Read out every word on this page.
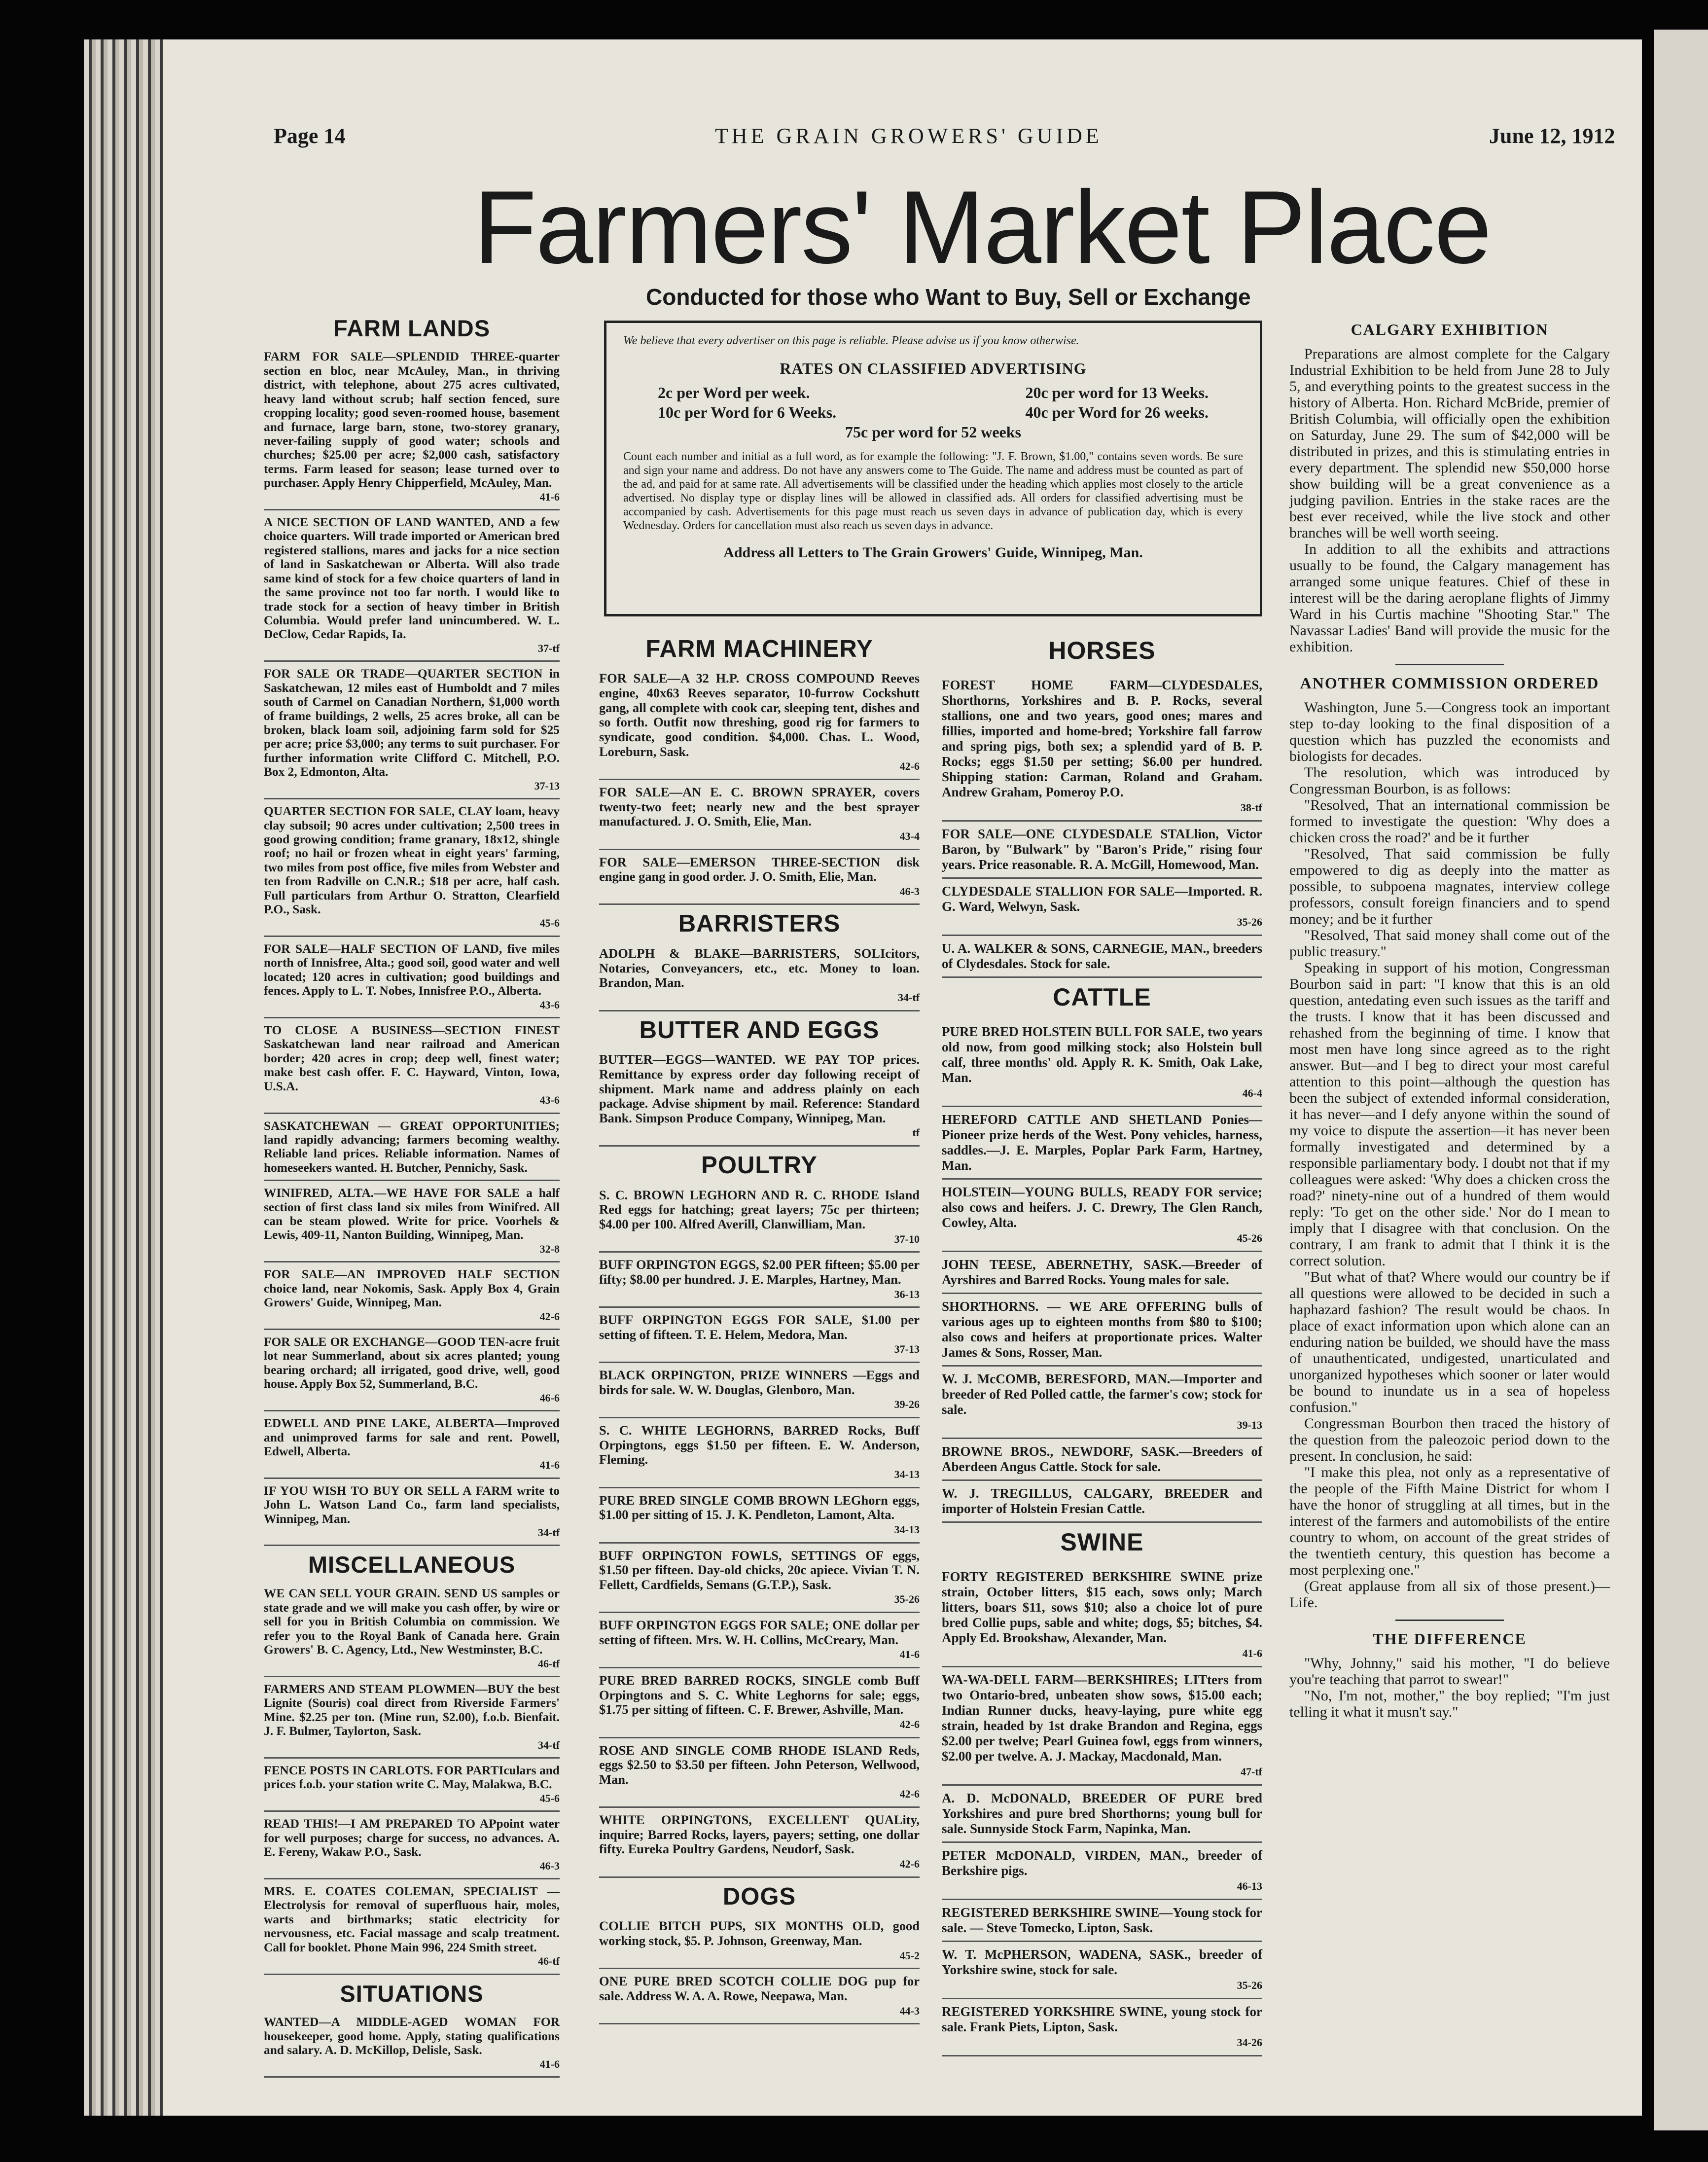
Page 14	THE GRAIN GROWERS' GUIDE	June 12, 1912
Farmers' Market Place
Conducted for those who Want to Buy, Sell or Exchange
We believe that every advertiser on this page is reliable. Please advise us if you know otherwise.
RATES ON CLASSIFIED ADVERTISING
2c per Word per week.	20c per word for 13 Weeks.
10c per Word for 6 Weeks.	40c per Word for 26 weeks.
75c per word for 52 weeks
Count each number and initial as a full word, as for example the following: "J. F. Brown, $1.00," contains seven words. Be sure and sign your name and address. Do not have any answers come to The Guide. The name and address must be counted as part of the ad, and paid for at same rate. All advertisements will be classified under the heading which applies most closely to the article advertised. No display type or display lines will be allowed in classified ads. All orders for classified advertising must be accompanied by cash. Advertisements for this page must reach us seven days in advance of publication day, which is every Wednesday. Orders for cancellation must also reach us seven days in advance.
Address all Letters to The Grain Growers' Guide, Winnipeg, Man.
FARM LANDS
FARM FOR SALE—SPLENDID THREE-quarter section en bloc, near McAuley, Man., in thriving district, with telephone, about 275 acres cultivated, heavy land without scrub; half section fenced, sure cropping locality; good seven-roomed house, basement and furnace, large barn, stone, two-storey granary, never-failing supply of good water; schools and churches; $25.00 per acre; $2,000 cash, satisfactory terms. Farm leased for season; lease turned over to purchaser. Apply Henry Chipperfield, McAuley, Man.
41-6
A NICE SECTION OF LAND WANTED, AND a few choice quarters. Will trade imported or American bred registered stallions, mares and jacks for a nice section of land in Saskatchewan or Alberta. Will also trade same kind of stock for a few choice quarters of land in the same province not too far north. I would like to trade stock for a section of heavy timber in British Columbia. Would prefer land unincumbered. W. L. DeClow, Cedar Rapids, Ia.
37-tf
FOR SALE OR TRADE—QUARTER SECTION in Saskatchewan, 12 miles east of Humboldt and 7 miles south of Carmel on Canadian Northern, $1,000 worth of frame buildings, 2 wells, 25 acres broke, all can be broken, black loam soil, adjoining farm sold for $25 per acre; price $3,000; any terms to suit purchaser. For further information write Clifford C. Mitchell, P.O. Box 2, Edmonton, Alta.
37-13
QUARTER SECTION FOR SALE, CLAY loam, heavy clay subsoil; 90 acres under cultivation; 2,500 trees in good growing condition; frame granary, 18x12, shingle roof; no hail or frozen wheat in eight years' farming, two miles from post office, five miles from Webster and ten from Radville on C.N.R.; $18 per acre, half cash. Full particulars from Arthur O. Stratton, Clearfield P.O., Sask.
45-6
FOR SALE—HALF SECTION OF LAND, five miles north of Innisfree, Alta.; good soil, good water and well located; 120 acres in cultivation; good buildings and fences. Apply to L. T. Nobes, Innisfree P.O., Alberta.
43-6
TO CLOSE A BUSINESS—SECTION FINEST Saskatchewan land near railroad and American border; 420 acres in crop; deep well, finest water; make best cash offer. F. C. Hayward, Vinton, Iowa, U.S.A.
43-6
SASKATCHEWAN — GREAT OPPORTUNITIES; land rapidly advancing; farmers becoming wealthy. Reliable land prices. Reliable information. Names of homeseekers wanted. H. Butcher, Pennichy, Sask.
WINIFRED, ALTA.—WE HAVE FOR SALE a half section of first class land six miles from Winifred. All can be steam plowed. Write for price. Voorhels & Lewis, 409-11, Nanton Building, Winnipeg, Man.
32-8
FOR SALE—AN IMPROVED HALF SECTION choice land, near Nokomis, Sask. Apply Box 4, Grain Growers' Guide, Winnipeg, Man.
42-6
FOR SALE OR EXCHANGE—GOOD TEN-acre fruit lot near Summerland, about six acres planted; young bearing orchard; all irrigated, good drive, well, good house. Apply Box 52, Summerland, B.C.
46-6
EDWELL AND PINE LAKE, ALBERTA—Improved and unimproved farms for sale and rent. Powell, Edwell, Alberta.
41-6
IF YOU WISH TO BUY OR SELL A FARM write to John L. Watson Land Co., farm land specialists, Winnipeg, Man.
34-tf
MISCELLANEOUS
WE CAN SELL YOUR GRAIN. SEND US samples or state grade and we will make you cash offer, by wire or sell for you in British Columbia on commission. We refer you to the Royal Bank of Canada here. Grain Growers' B. C. Agency, Ltd., New Westminster, B.C.
46-tf
FARMERS AND STEAM PLOWMEN—BUY the best Lignite (Souris) coal direct from Riverside Farmers' Mine. $2.25 per ton. (Mine run, $2.00), f.o.b. Bienfait. J. F. Bulmer, Taylorton, Sask.
34-tf
FENCE POSTS IN CARLOTS. FOR PARTIculars and prices f.o.b. your station write C. May, Malakwa, B.C.
45-6
READ THIS!—I AM PREPARED TO APpoint water for well purposes; charge for success, no advances. A. E. Fereny, Wakaw P.O., Sask.
46-3
MRS. E. COATES COLEMAN, SPECIALIST —Electrolysis for removal of superfluous hair, moles, warts and birthmarks; static electricity for nervousness, etc. Facial massage and scalp treatment. Call for booklet. Phone Main 996, 224 Smith street.
46-tf
SITUATIONS
WANTED—A MIDDLE-AGED WOMAN FOR housekeeper, good home. Apply, stating qualifications and salary. A. D. McKillop, Delisle, Sask.
41-6
FARM MACHINERY
FOR SALE—A 32 H.P. CROSS COMPOUND Reeves engine, 40x63 Reeves separator, 10-furrow Cockshutt gang, all complete with cook car, sleeping tent, dishes and so forth. Outfit now threshing, good rig for farmers to syndicate, good condition. $4,000. Chas. L. Wood, Loreburn, Sask.
42-6
FOR SALE—AN E. C. BROWN SPRAYER, covers twenty-two feet; nearly new and the best sprayer manufactured. J. O. Smith, Elie, Man.
43-4
FOR SALE—EMERSON THREE-SECTION disk engine gang in good order. J. O. Smith, Elie, Man.
46-3
BARRISTERS
ADOLPH & BLAKE—BARRISTERS, SOLIcitors, Notaries, Conveyancers, etc., etc. Money to loan. Brandon, Man.
34-tf
BUTTER AND EGGS
BUTTER—EGGS—WANTED. WE PAY TOP prices. Remittance by express order day following receipt of shipment. Mark name and address plainly on each package. Advise shipment by mail. Reference: Standard Bank. Simpson Produce Company, Winnipeg, Man.
tf
POULTRY
S. C. BROWN LEGHORN AND R. C. RHODE Island Red eggs for hatching; great layers; 75c per thirteen; $4.00 per 100. Alfred Averill, Clanwilliam, Man.
37-10
BUFF ORPINGTON EGGS, $2.00 PER fifteen; $5.00 per fifty; $8.00 per hundred. J. E. Marples, Hartney, Man.
36-13
BUFF ORPINGTON EGGS FOR SALE, $1.00 per setting of fifteen. T. E. Helem, Medora, Man.
37-13
BLACK ORPINGTON, PRIZE WINNERS —Eggs and birds for sale. W. W. Douglas, Glenboro, Man.
39-26
S. C. WHITE LEGHORNS, BARRED Rocks, Buff Orpingtons, eggs $1.50 per fifteen. E. W. Anderson, Fleming.
34-13
PURE BRED SINGLE COMB BROWN LEGhorn eggs, $1.00 per sitting of 15. J. K. Pendleton, Lamont, Alta.
34-13
BUFF ORPINGTON FOWLS, SETTINGS OF eggs, $1.50 per fifteen. Day-old chicks, 20c apiece. Vivian T. N. Fellett, Cardfields, Semans (G.T.P.), Sask.
35-26
BUFF ORPINGTON EGGS FOR SALE; ONE dollar per setting of fifteen. Mrs. W. H. Collins, McCreary, Man.
41-6
PURE BRED BARRED ROCKS, SINGLE comb Buff Orpingtons and S. C. White Leghorns for sale; eggs, $1.75 per sitting of fifteen. C. F. Brewer, Ashville, Man.
42-6
ROSE AND SINGLE COMB RHODE ISLAND Reds, eggs $2.50 to $3.50 per fifteen. John Peterson, Wellwood, Man.
42-6
WHITE ORPINGTONS, EXCELLENT QUALity, inquire; Barred Rocks, layers, payers; setting, one dollar fifty. Eureka Poultry Gardens, Neudorf, Sask.
42-6
DOGS
COLLIE BITCH PUPS, SIX MONTHS OLD, good working stock, $5. P. Johnson, Greenway, Man.
45-2
ONE PURE BRED SCOTCH COLLIE DOG pup for sale. Address W. A. A. Rowe, Neepawa, Man.
44-3
HORSES
FOREST HOME FARM—CLYDESDALES, Shorthorns, Yorkshires and B. P. Rocks, several stallions, one and two years, good ones; mares and fillies, imported and home-bred; Yorkshire fall farrow and spring pigs, both sex; a splendid yard of B. P. Rocks; eggs $1.50 per setting; $6.00 per hundred. Shipping station: Carman, Roland and Graham. Andrew Graham, Pomeroy P.O.
38-tf
FOR SALE—ONE CLYDESDALE STALlion, Victor Baron, by "Bulwark" by "Baron's Pride," rising four years. Price reasonable. R. A. McGill, Homewood, Man.
CLYDESDALE STALLION FOR SALE—Imported. R. G. Ward, Welwyn, Sask.
35-26
U. A. WALKER & SONS, CARNEGIE, MAN., breeders of Clydesdales. Stock for sale.
CATTLE
PURE BRED HOLSTEIN BULL FOR SALE, two years old now, from good milking stock; also Holstein bull calf, three months' old. Apply R. K. Smith, Oak Lake, Man.
46-4
HEREFORD CATTLE AND SHETLAND Ponies—Pioneer prize herds of the West. Pony vehicles, harness, saddles.—J. E. Marples, Poplar Park Farm, Hartney, Man.
HOLSTEIN—YOUNG BULLS, READY FOR service; also cows and heifers. J. C. Drewry, The Glen Ranch, Cowley, Alta.
45-26
JOHN TEESE, ABERNETHY, SASK.—Breeder of Ayrshires and Barred Rocks. Young males for sale.
SHORTHORNS. — WE ARE OFFERING bulls of various ages up to eighteen months from $80 to $100; also cows and heifers at proportionate prices. Walter James & Sons, Rosser, Man.
W. J. McCOMB, BERESFORD, MAN.—Importer and breeder of Red Polled cattle, the farmer's cow; stock for sale.
39-13
BROWNE BROS., NEWDORF, SASK.—Breeders of Aberdeen Angus Cattle. Stock for sale.
W. J. TREGILLUS, CALGARY, BREEDER and importer of Holstein Fresian Cattle.
SWINE
FORTY REGISTERED BERKSHIRE SWINE prize strain, October litters, $15 each, sows only; March litters, boars $11, sows $10; also a choice lot of pure bred Collie pups, sable and white; dogs, $5; bitches, $4. Apply Ed. Brookshaw, Alexander, Man.
41-6
WA-WA-DELL FARM—BERKSHIRES; LITters from two Ontario-bred, unbeaten show sows, $15.00 each; Indian Runner ducks, heavy-laying, pure white egg strain, headed by 1st drake Brandon and Regina, eggs $2.00 per twelve; Pearl Guinea fowl, eggs from winners, $2.00 per twelve. A. J. Mackay, Macdonald, Man.
47-tf
A. D. McDONALD, BREEDER OF PURE bred Yorkshires and pure bred Shorthorns; young bull for sale. Sunnyside Stock Farm, Napinka, Man.
PETER McDONALD, VIRDEN, MAN., breeder of Berkshire pigs.
46-13
REGISTERED BERKSHIRE SWINE—Young stock for sale. — Steve Tomecko, Lipton, Sask.
W. T. McPHERSON, WADENA, SASK., breeder of Yorkshire swine, stock for sale.
35-26
REGISTERED YORKSHIRE SWINE, young stock for sale. Frank Piets, Lipton, Sask.
34-26
CALGARY EXHIBITION
Preparations are almost complete for the Calgary Industrial Exhibition to be held from June 28 to July 5, and everything points to the greatest success in the history of Alberta. Hon. Richard McBride, premier of British Columbia, will officially open the exhibition on Saturday, June 29. The sum of $42,000 will be distributed in prizes, and this is stimulating entries in every department. The splendid new $50,000 horse show building will be a great convenience as a judging pavilion. Entries in the stake races are the best ever received, while the live stock and other branches will be well worth seeing.
In addition to all the exhibits and attractions usually to be found, the Calgary management has arranged some unique features. Chief of these in interest will be the daring aeroplane flights of Jimmy Ward in his Curtis machine "Shooting Star." The Navassar Ladies' Band will provide the music for the exhibition.
ANOTHER COMMISSION ORDERED
Washington, June 5.—Congress took an important step to-day looking to the final disposition of a question which has puzzled the economists and biologists for decades.
The resolution, which was introduced by Congressman Bourbon, is as follows:
"Resolved, That an international commission be formed to investigate the question: 'Why does a chicken cross the road?' and be it further
"Resolved, That said commission be fully empowered to dig as deeply into the matter as possible, to subpoena magnates, interview college professors, consult foreign financiers and to spend money; and be it further
"Resolved, That said money shall come out of the public treasury."
Speaking in support of his motion, Congressman Bourbon said in part: "I know that this is an old question, antedating even such issues as the tariff and the trusts. I know that it has been discussed and rehashed from the beginning of time. I know that most men have long since agreed as to the right answer. But—and I beg to direct your most careful attention to this point—although the question has been the subject of extended informal consideration, it has never—and I defy anyone within the sound of my voice to dispute the assertion—it has never been formally investigated and determined by a responsible parliamentary body. I doubt not that if my colleagues were asked: 'Why does a chicken cross the road?' ninety-nine out of a hundred of them would reply: 'To get on the other side.' Nor do I mean to imply that I disagree with that conclusion. On the contrary, I am frank to admit that I think it is the correct solution.
"But what of that? Where would our country be if all questions were allowed to be decided in such a haphazard fashion? The result would be chaos. In place of exact information upon which alone can an enduring nation be builded, we should have the mass of unauthenticated, undigested, unarticulated and unorganized hypotheses which sooner or later would be bound to inundate us in a sea of hopeless confusion."
Congressman Bourbon then traced the history of the question from the paleozoic period down to the present. In conclusion, he said:
"I make this plea, not only as a representative of the people of the Fifth Maine District for whom I have the honor of struggling at all times, but in the interest of the farmers and automobilists of the entire country to whom, on account of the great strides of the twentieth century, this question has become a most perplexing one."
(Great applause from all six of those present.)—Life.
THE DIFFERENCE
"Why, Johnny," said his mother, "I do believe you're teaching that parrot to swear!"
"No, I'm not, mother," the boy replied; "I'm just telling it what it musn't say."
